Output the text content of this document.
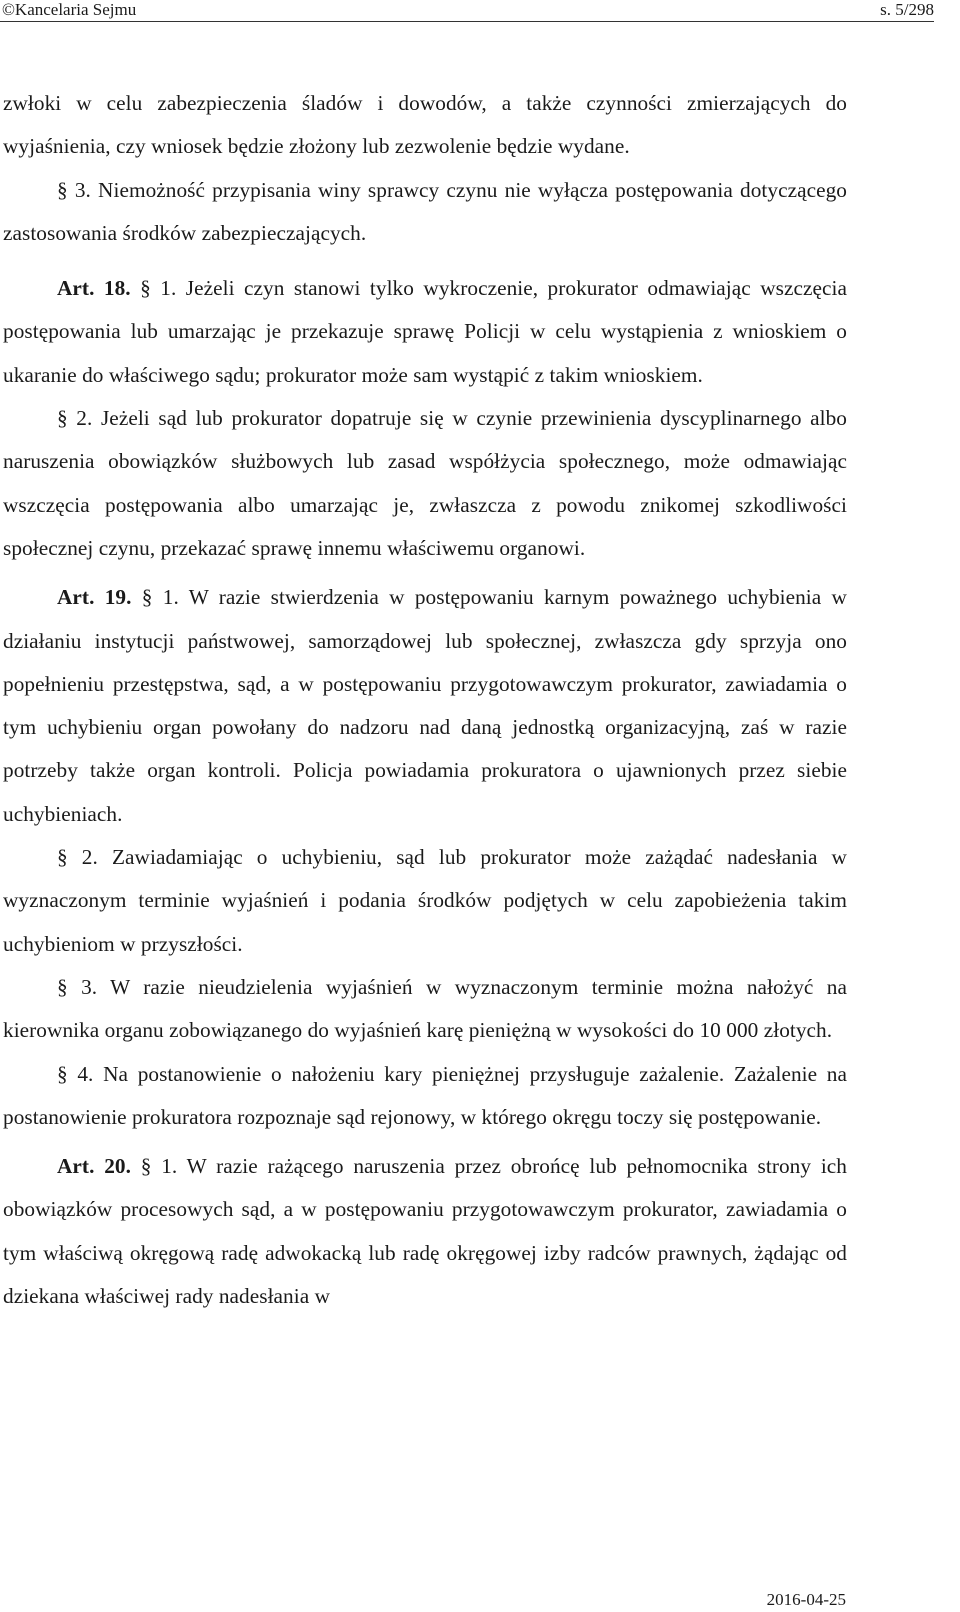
©Kancelaria Sejmu	s. 5/298

zwłoki w celu zabezpieczenia śladów i dowodów, a także czynności zmierzających do wyjaśnienia, czy wniosek będzie złożony lub zezwolenie będzie wydane.

§ 3. Niemożność przypisania winy sprawcy czynu nie wyłącza postępowania dotyczącego zastosowania środków zabezpieczających.

Art. 18. § 1. Jeżeli czyn stanowi tylko wykroczenie, prokurator odmawiając wszczęcia postępowania lub umarzając je przekazuje sprawę Policji w celu wystąpienia z wnioskiem o ukaranie do właściwego sądu; prokurator może sam wystąpić z takim wnioskiem.

§ 2. Jeżeli sąd lub prokurator dopatruje się w czynie przewinienia dyscyplinarnego albo naruszenia obowiązków służbowych lub zasad współżycia społecznego, może odmawiając wszczęcia postępowania albo umarzając je, zwłaszcza z powodu znikomej szkodliwości społecznej czynu, przekazać sprawę innemu właściwemu organowi.

Art. 19. § 1. W razie stwierdzenia w postępowaniu karnym poważnego uchybienia w działaniu instytucji państwowej, samorządowej lub społecznej, zwłaszcza gdy sprzyja ono popełnieniu przestępstwa, sąd, a w postępowaniu przygotowawczym prokurator, zawiadamia o tym uchybieniu organ powołany do nadzoru nad daną jednostką organizacyjną, zaś w razie potrzeby także organ kontroli. Policja powiadamia prokuratora o ujawnionych przez siebie uchybieniach.

§ 2. Zawiadamiając o uchybieniu, sąd lub prokurator może zażądać nadesłania w wyznaczonym terminie wyjaśnień i podania środków podjętych w celu zapobieżenia takim uchybieniom w przyszłości.

§ 3. W razie nieudzielenia wyjaśnień w wyznaczonym terminie można nałożyć na kierownika organu zobowiązanego do wyjaśnień karę pieniężną w wysokości do 10 000 złotych.

§ 4. Na postanowienie o nałożeniu kary pieniężnej przysługuje zażalenie. Zażalenie na postanowienie prokuratora rozpoznaje sąd rejonowy, w którego okręgu toczy się postępowanie.

Art. 20. § 1. W razie rażącego naruszenia przez obrońcę lub pełnomocnika strony ich obowiązków procesowych sąd, a w postępowaniu przygotowawczym prokurator, zawiadamia o tym właściwą okręgową radę adwokacką lub radę okręgowej izby radców prawnych, żądając od dziekana właściwej rady nadesłania w

2016-04-25
